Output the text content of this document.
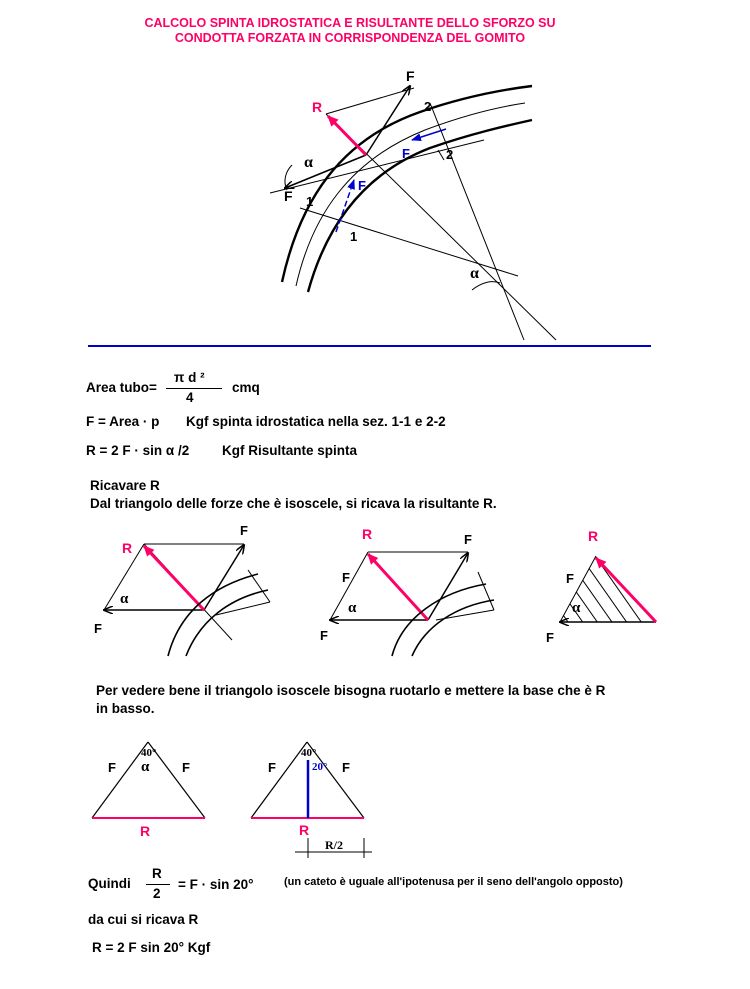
CALCOLO SPINTA IDROSTATICA E RISULTANTE DELLO SFORZO SU
CONDOTTA FORZATA IN CORRISPONDENZA DEL GOMITO
F
R	2
2
F
α
F
F
1
1
α
Area tubo=
π d ²
4
cmq
F = Area · p Kgf spinta idrostatica nella sez. 1-1 e 2-2
R = 2 F · sin α /2 Kgf Risultante spinta
Ricavare R
Dal triangolo delle forze che è isoscele, si ricava la risultante R.
R
F
α
F
R	F
F
α
F
R
F
α
F
Per vedere bene il triangolo isoscele bisogna ruotarlo e mettere la base che è R
in basso.
40°
α
F	F
R
40°
20°
F	F
R
R/2
Quindi
R
2
= F · sin 20°	(un cateto è uguale all'ipotenusa per il seno dell'angolo opposto)
da cui si ricava R
R = 2 F sin 20° Kgf
